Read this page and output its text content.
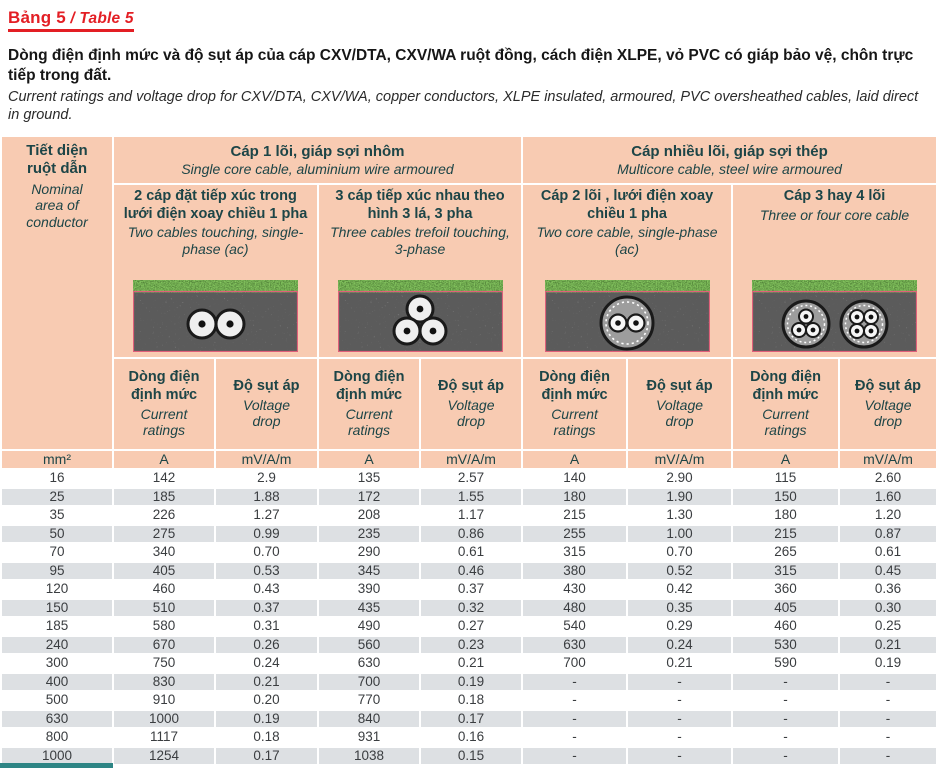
Bảng 5 / Table 5
Dòng điện định mức và độ sụt áp của cáp CXV/DTA, CXV/WA ruột đồng, cách điện XLPE, vỏ PVC có giáp bảo vệ, chôn trực tiếp trong đất.
Current ratings and voltage drop for CXV/DTA, CXV/WA, copper conductors, XLPE insulated, armoured, PVC oversheathed cables, laid direct in ground.
Tiết diện ruột dẫn
Nominal area of conductor

Cáp 1 lõi, giáp sợi nhôm
Single core cable, aluminium wire armoured

Cáp nhiều lõi, giáp sợi thép
Multicore cable, steel wire armoured

2 cáp đặt tiếp xúc trong lưới điện xoay chiều 1 pha
Two cables touching, single-phase (ac)

3 cáp tiếp xúc nhau theo hình 3 lá, 3 pha
Three cables trefoil touching, 3-phase

Cáp 2 lõi , lưới điện xoay chiều 1 pha
Two core cable, single-phase (ac)

Cáp 3 hay 4 lõi
Three or four core cable

Dòng điện định mức
Current ratings

Độ sụt áp
Voltage drop

Dòng điện định mức
Current ratings

Độ sụt áp
Voltage drop

Dòng điện định mức
Current ratings

Độ sụt áp
Voltage drop

Dòng điện định mức
Current ratings

Độ sụt áp
Voltage drop

mm²	A	mV/A/m	A	mV/A/m	A	mV/A/m	A	mV/A/m
16	142	2.9	135	2.57	140	2.90	115	2.60
25	185	1.88	172	1.55	180	1.90	150	1.60
35	226	1.27	208	1.17	215	1.30	180	1.20
50	275	0.99	235	0.86	255	1.00	215	0.87
70	340	0.70	290	0.61	315	0.70	265	0.61
95	405	0.53	345	0.46	380	0.52	315	0.45
120	460	0.43	390	0.37	430	0.42	360	0.36
150	510	0.37	435	0.32	480	0.35	405	0.30
185	580	0.31	490	0.27	540	0.29	460	0.25
240	670	0.26	560	0.23	630	0.24	530	0.21
300	750	0.24	630	0.21	700	0.21	590	0.19
400	830	0.21	700	0.19	-	-	-	-
500	910	0.20	770	0.18	-	-	-	-
630	1000	0.19	840	0.17	-	-	-	-
800	1117	0.18	931	0.16	-	-	-	-
1000	1254	0.17	1038	0.15	-	-	-	-
